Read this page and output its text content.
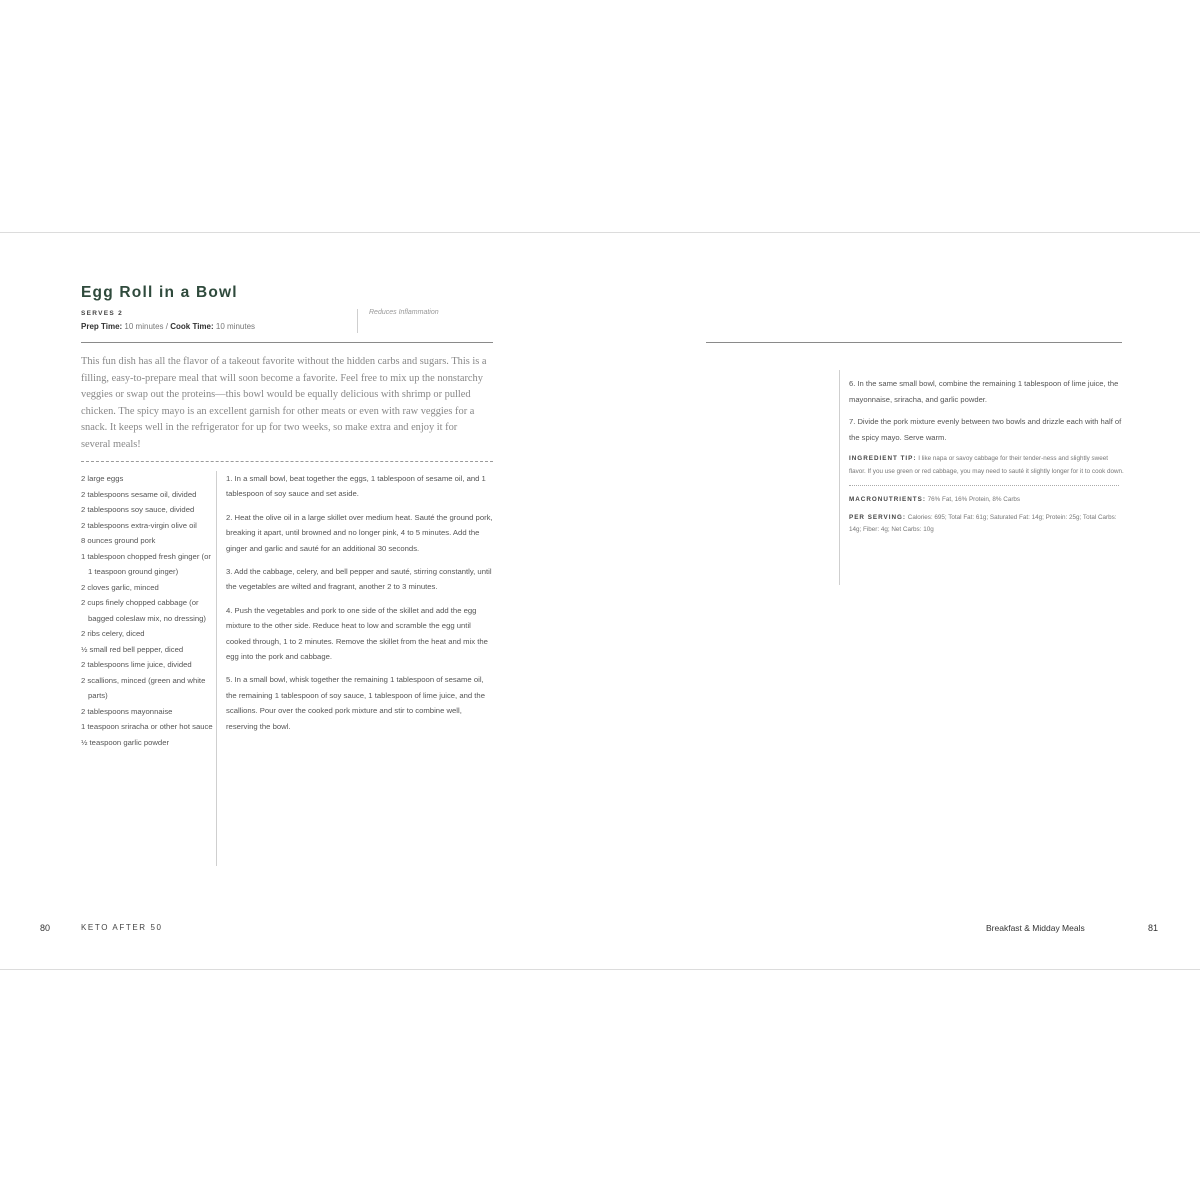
Egg Roll in a Bowl
SERVES 2
Prep Time: 10 minutes / Cook Time: 10 minutes
Reduces Inflammation

This fun dish has all the flavor of a takeout favorite without the hidden carbs and sugars. This is a filling, easy-to-prepare meal that will soon become a favorite. Feel free to mix up the nonstarchy veggies or swap out the proteins—this bowl would be equally delicious with shrimp or pulled chicken. The spicy mayo is an excellent garnish for other meats or even with raw veggies for a snack. It keeps well in the refrigerator for up for two weeks, so make extra and enjoy it for several meals!

2 large eggs
2 tablespoons sesame oil, divided
2 tablespoons soy sauce, divided
2 tablespoons extra-virgin olive oil
8 ounces ground pork
1 tablespoon chopped fresh ginger (or 1 teaspoon ground ginger)
2 cloves garlic, minced
2 cups finely chopped cabbage (or bagged coleslaw mix, no dressing)
2 ribs celery, diced
½ small red bell pepper, diced
2 tablespoons lime juice, divided
2 scallions, minced (green and white parts)
2 tablespoons mayonnaise
1 teaspoon sriracha or other hot sauce
½ teaspoon garlic powder
1. In a small bowl, beat together the eggs, 1 tablespoon of sesame oil, and 1 tablespoon of soy sauce and set aside.
2. Heat the olive oil in a large skillet over medium heat. Sauté the ground pork, breaking it apart, until browned and no longer pink, 4 to 5 minutes. Add the ginger and garlic and sauté for an additional 30 seconds.
3. Add the cabbage, celery, and bell pepper and sauté, stirring constantly, until the vegetables are wilted and fragrant, another 2 to 3 minutes.
4. Push the vegetables and pork to one side of the skillet and add the egg mixture to the other side. Reduce heat to low and scramble the egg until cooked through, 1 to 2 minutes. Remove the skillet from the heat and mix the egg into the pork and cabbage.
5. In a small bowl, whisk together the remaining 1 tablespoon of sesame oil, the remaining 1 tablespoon of soy sauce, 1 tablespoon of lime juice, and the scallions. Pour over the cooked pork mixture and stir to combine well, reserving the bowl.
80	KETO AFTER 50
6. In the same small bowl, combine the remaining 1 tablespoon of lime juice, the mayonnaise, sriracha, and garlic powder.
7. Divide the pork mixture evenly between two bowls and drizzle each with half of the spicy mayo. Serve warm.
INGREDIENT TIP: I like napa or savoy cabbage for their tender-ness and slightly sweet flavor. If you use green or red cabbage, you may need to sauté it slightly longer for it to cook down.
MACRONUTRIENTS: 76% Fat, 16% Protein, 8% Carbs
PER SERVING: Calories: 695; Total Fat: 61g; Saturated Fat: 14g; Protein: 25g; Total Carbs: 14g; Fiber: 4g; Net Carbs: 10g
Breakfast & Midday Meals	81
